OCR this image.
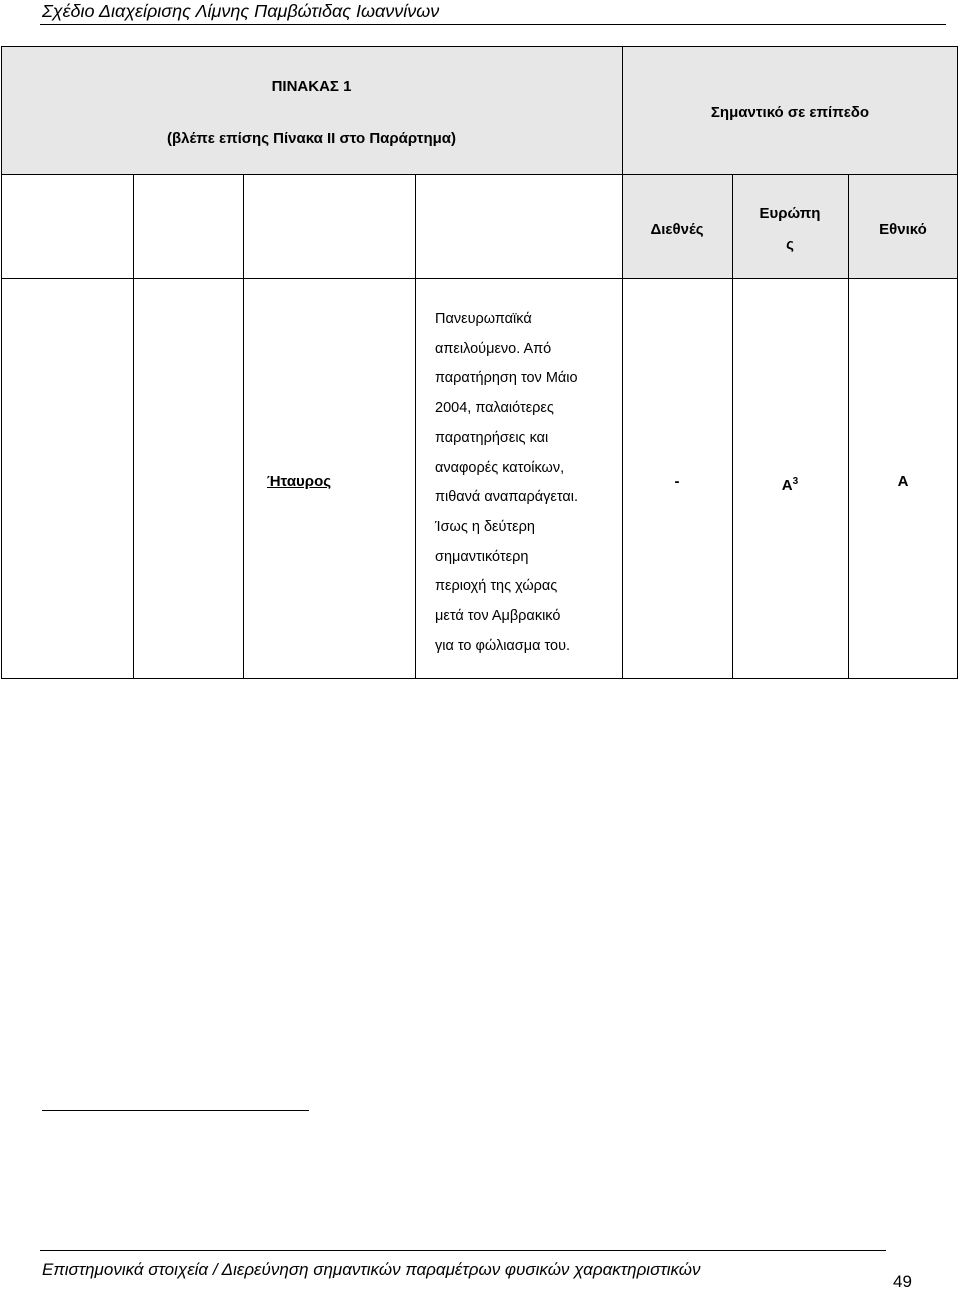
Σχέδιο Διαχείρισης Λίμνης Παμβώτιδας Ιωαννίνων
ΠΙΝΑΚΑΣ 1
(βλέπε επίσης Πίνακα ΙΙ στο Παράρτημα)
Σημαντικό σε επίπεδο
Διεθνές
Ευρώπη
ς
Εθνικό
Ήταυρος
Πανευρωπαϊκά
απειλούμενο. Από
παρατήρηση τον Μάιο
2004, παλαιότερες
παρατηρήσεις και
αναφορές κατοίκων,
πιθανά αναπαράγεται.
Ίσως η δεύτερη
σημαντικότερη
περιοχή της χώρας
μετά τον Αμβρακικό
για το φώλιασμα του.
-	$A^3$	Α
Επιστημονικά στοιχεία / Διερεύνηση σημαντικών παραμέτρων φυσικών χαρακτηριστικών
49
